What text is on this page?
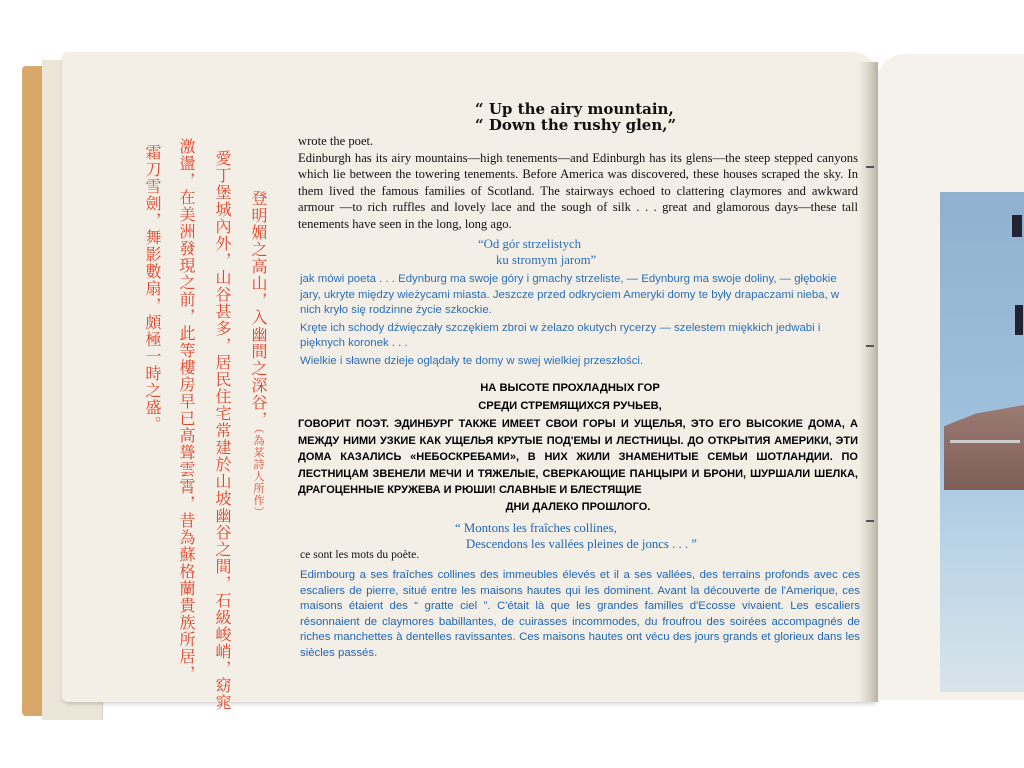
霜刀雪劍，舞影數扇，頗極一時之盛。 激盪，在美洲發現之前，此等樓房早已高聳雲霄，昔為蘇格蘭貴族所居， 愛丁堡城內外，山谷甚多，居民住宅常建於山坡幽谷之間，石級峻峭，窈窕 登明媚之高山，入幽間之深谷，（為某詩人所作）
“ Up the airy mountain,
“ Down the rushy glen,”

wrote the poet.

Edinburgh has its airy mountains—high tenements—and Edinburgh has its glens—the steep stepped canyons which lie between the towering tenements. Before America was discovered, these houses scraped the sky. In them lived the famous families of Scotland. The stairways echoed to clattering claymores and awkward armour —to rich ruffles and lovely lace and the sough of silk . . . great and glamorous days—these tall tenements have seen in the long, long ago.

“Od gór strzelistych
ku stromym jarom”

jak mówi poeta . . . Edynburg ma swoje góry i gmachy strzeliste, — Edynburg ma swoje doliny, — głębokie jary, ukryte między wieżycami miasta. Jeszcze przed odkryciem Ameryki domy te były drapaczami nieba, w nich kryło się rodzinne życie szkockie.

Kręte ich schody dźwięczały szczękiem zbroi w żelazo okutych rycerzy — szelestem miękkich jedwabi i pięknych koronek . . .

Wielkie i sławne dzieje oglądały te domy w swej wielkiej przeszłości.

НА ВЫСОТЕ ПРОХЛАДНЫХ ГОР
СРЕДИ СТРЕМЯЩИХСЯ РУЧЬЕВ,

ГОВОРИТ ПОЭТ. ЭДИНБУРГ ТАКЖЕ ИМЕЕТ СВОИ ГОРЫ И УЩЕЛЬЯ, ЭТО ЕГО ВЫСОКИЕ ДОМА, А МЕЖДУ НИМИ УЗКИЕ КАК УЩЕЛЬЯ КРУТЫЕ ПОД'ЕМЫ И ЛЕСТНИЦЫ. ДО ОТКРЫТИЯ АМЕРИКИ, ЭТИ ДОМА КАЗАЛИСЬ «НЕБОСКРЕБАМИ», В НИХ ЖИЛИ ЗНАМЕНИТЫЕ СЕМЬИ ШОТЛАНДИИ. ПО ЛЕСТНИЦАМ ЗВЕНЕЛИ МЕЧИ И ТЯЖЕЛЫЕ, СВЕРКАЮЩИЕ ПАНЦЫРИ И БРОНИ, ШУРШАЛИ ШЕЛКА, ДРАГОЦЕННЫЕ КРУЖЕВА И РЮШИ! СЛАВНЫЕ И БЛЕСТЯЩИЕ

ДНИ ДАЛЕКО ПРОШЛОГО.

“ Montons les fraîches collines,
Descendons les vallées pleines de joncs . . . ”
ce sont les mots du poète.

Edimbourg a ses fraîches collines des immeubles élevés et il a ses vallées, des terrains profonds avec ces escaliers de pierre, situé entre les maisons hautes qui les dominent. Avant la découverte de l'Amerique, ces maisons étaient des “ gratte ciel ”. C'était là que les grandes familles d'Ecosse vivaient. Les escaliers résonnaient de claymores babillantes, de cuirasses incommodes, du froufrou des soirées accompagnés de riches manchettes à dentelles ravissantes. Ces maisons hautes ont vécu des jours grands et glorieux dans les siècles passés.
